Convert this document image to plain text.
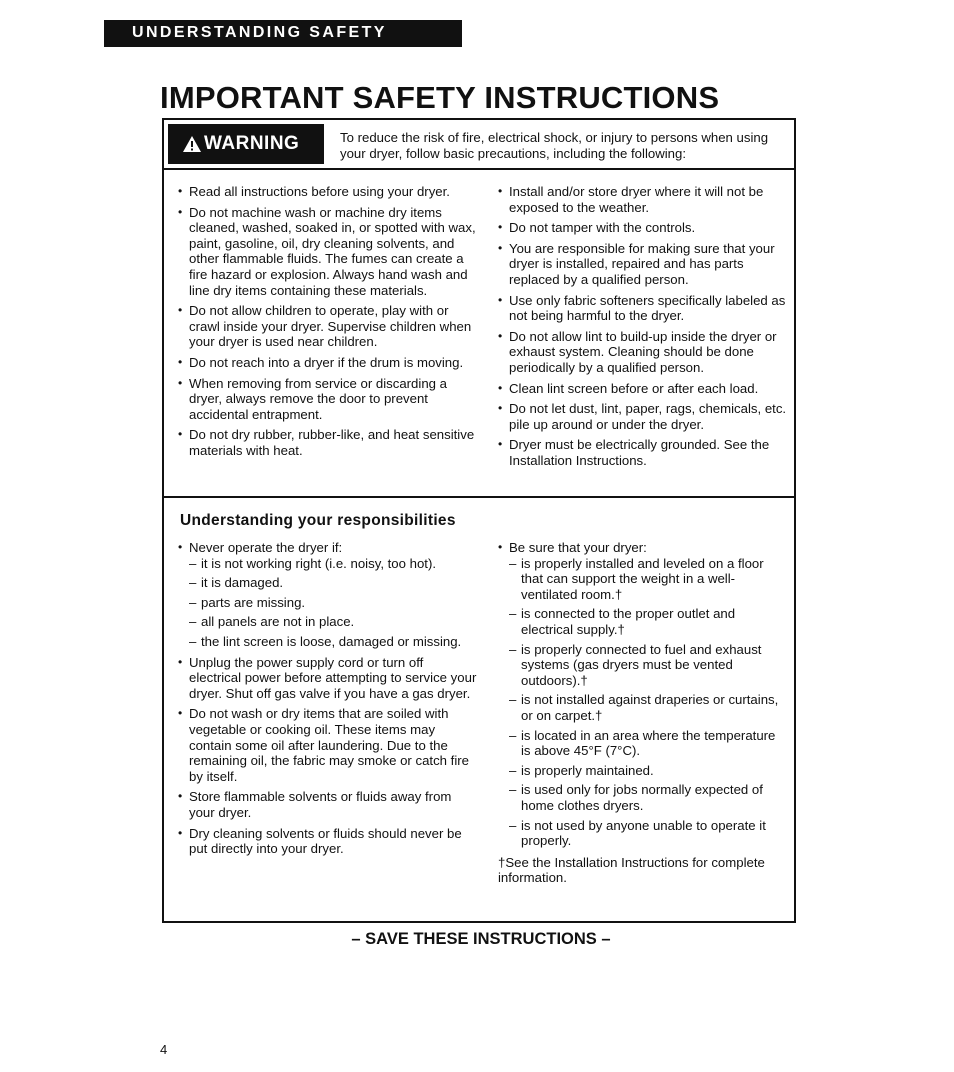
UNDERSTANDING SAFETY
IMPORTANT SAFETY INSTRUCTIONS
WARNING	To reduce the risk of fire, electrical shock, or injury to persons when using your dryer, follow basic precautions, including the following:
• Read all instructions before using your dryer.
• Do not machine wash or machine dry items cleaned, washed, soaked in, or spotted with wax, paint, gasoline, oil, dry cleaning solvents, and other flammable fluids. The fumes can create a fire hazard or explosion. Always hand wash and line dry items containing these materials.
• Do not allow children to operate, play with or crawl inside your dryer. Supervise children when your dryer is used near children.
• Do not reach into a dryer if the drum is moving.
• When removing from service or discarding a dryer, always remove the door to prevent accidental entrapment.
• Do not dry rubber, rubber-like, and heat sensitive materials with heat.
• Install and/or store dryer where it will not be exposed to the weather.
• Do not tamper with the controls.
• You are responsible for making sure that your dryer is installed, repaired and has parts replaced by a qualified person.
• Use only fabric softeners specifically labeled as not being harmful to the dryer.
• Do not allow lint to build-up inside the dryer or exhaust system. Cleaning should be done periodically by a qualified person.
• Clean lint screen before or after each load.
• Do not let dust, lint, paper, rags, chemicals, etc. pile up around or under the dryer.
• Dryer must be electrically grounded. See the Installation Instructions.
Understanding your responsibilities
• Never operate the dryer if:
– it is not working right (i.e. noisy, too hot).
– it is damaged.
– parts are missing.
– all panels are not in place.
– the lint screen is loose, damaged or missing.
• Unplug the power supply cord or turn off electrical power before attempting to service your dryer. Shut off gas valve if you have a gas dryer.
• Do not wash or dry items that are soiled with vegetable or cooking oil. These items may contain some oil after laundering. Due to the remaining oil, the fabric may smoke or catch fire by itself.
• Store flammable solvents or fluids away from your dryer.
• Dry cleaning solvents or fluids should never be put directly into your dryer.
• Be sure that your dryer:
– is properly installed and leveled on a floor that can support the weight in a well-ventilated room.†
– is connected to the proper outlet and electrical supply.†
– is properly connected to fuel and exhaust systems (gas dryers must be vented outdoors).†
– is not installed against draperies or curtains, or on carpet.†
– is located in an area where the temperature is above 45°F (7°C).
– is properly maintained.
– is used only for jobs normally expected of home clothes dryers.
– is not used by anyone unable to operate it properly.
†See the Installation Instructions for complete information.

– SAVE THESE INSTRUCTIONS –

4
